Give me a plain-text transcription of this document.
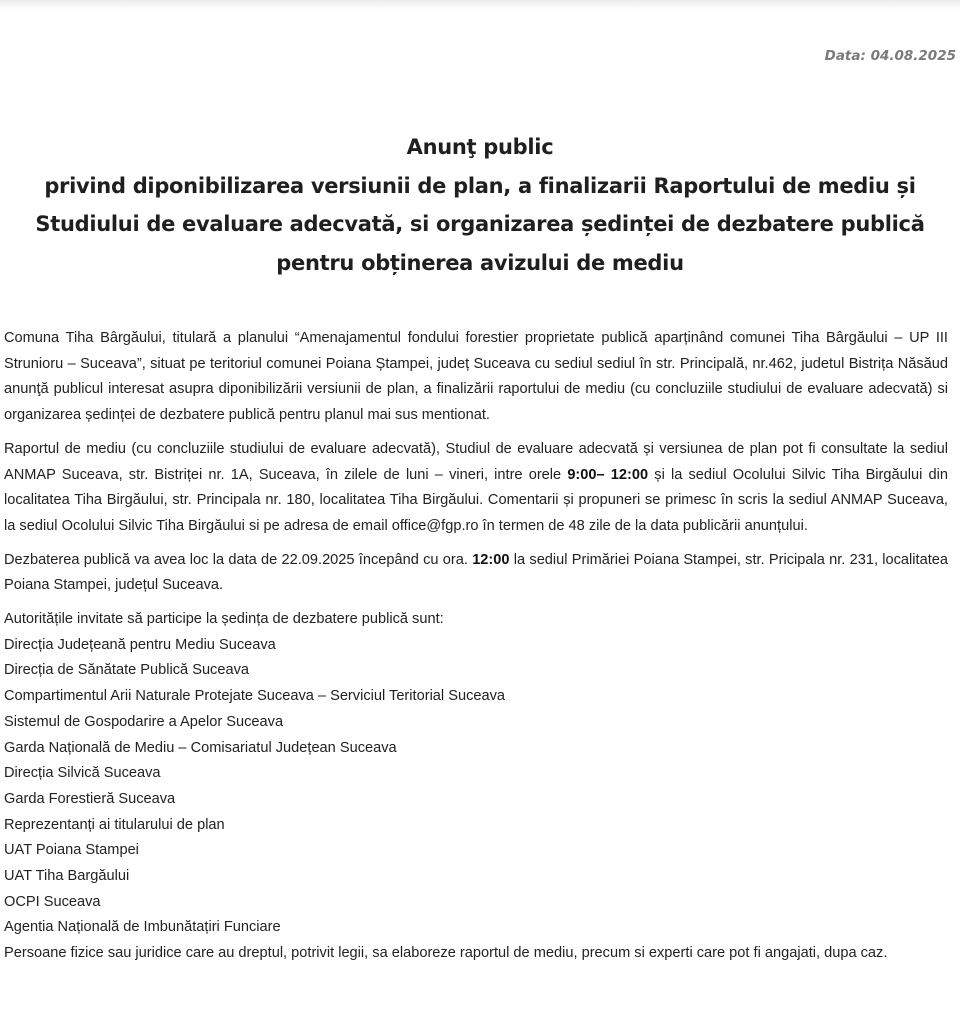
Data: 04.08.2025
Anunţ public
privind diponibilizarea versiunii de plan, a finalizarii Raportului de mediu și
Studiului de evaluare adecvată, si organizarea ședinței de dezbatere publică
pentru obținerea avizului de mediu

Comuna Tiha Bârgăului, titulară a planului “Amenajamentul fondului forestier proprietate publică aparținând comunei Tiha Bârgăului – UP III Strunioru – Suceava”, situat pe teritoriul comunei Poiana Ștampei, județ Suceava cu sediul sediul în str. Principală, nr.462, judetul Bistrița Năsăud anunţă publicul interesat asupra diponibilizării versiunii de plan, a finalizării raportului de mediu (cu concluziile studiului de evaluare adecvată) si organizarea ședinței de dezbatere publică pentru planul mai sus mentionat.

Raportul de mediu (cu concluziile studiului de evaluare adecvată), Studiul de evaluare adecvată și versiunea de plan pot fi consultate la sediul ANMAP Suceava, str. Bistriței nr. 1A, Suceava, în zilele de luni – vineri, intre orele 9:00– 12:00 și la sediul Ocolului Silvic Tiha Birgăului din localitatea Tiha Birgăului, str. Principala nr. 180, localitatea Tiha Birgăului. Comentarii și propuneri se primesc în scris la sediul ANMAP Suceava, la sediul Ocolului Silvic Tiha Birgăului si pe adresa de email office@fgp.ro în termen de 48 zile de la data publicării anunțului.

Dezbaterea publică va avea loc la data de 22.09.2025 începând cu ora. 12:00 la sediul Primăriei Poiana Stampei, str. Pricipala nr. 231, localitatea Poiana Stampei, județul Suceava.

Autoritățile invitate să participe la ședința de dezbatere publică sunt:
Direcția Județeană pentru Mediu Suceava
Direcția de Sănătate Publică Suceava
Compartimentul Arii Naturale Protejate Suceava – Serviciul Teritorial Suceava
Sistemul de Gospodarire a Apelor Suceava
Garda Națională de Mediu – Comisariatul Județean Suceava
Direcția Silvică Suceava
Garda Forestieră Suceava
Reprezentanți ai titularului de plan
UAT Poiana Stampei
UAT Tiha Bargăului
OCPI Suceava
Agentia Națională de Imbunătațiri Funciare

Persoane fizice sau juridice care au dreptul, potrivit legii, sa elaboreze raportul de mediu, precum si experti care pot fi angajati, dupa caz.
